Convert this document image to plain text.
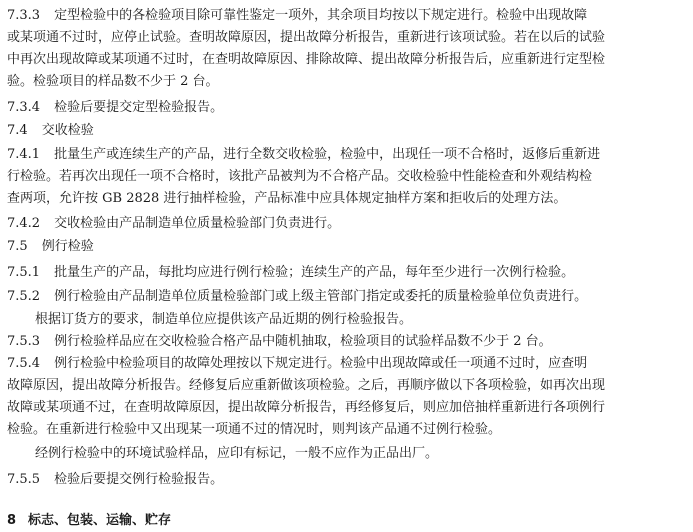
7.3.3 定型检验中的各检验项目除可靠性鉴定一项外，其余项目均按以下规定进行。检验中出现故障
或某项通不过时，应停止试验。查明故障原因，提出故障分析报告，重新进行该项试验。若在以后的试验
中再次出现故障或某项通不过时，在查明故障原因、排除故障、提出故障分析报告后，应重新进行定型检
验。检验项目的样品数不少于 2 台。
7.3.4 检验后要提交定型检验报告。
7.4 交收检验
7.4.1 批量生产或连续生产的产品，进行全数交收检验，检验中，出现任一项不合格时，返修后重新进
行检验。若再次出现任一项不合格时，该批产品被判为不合格产品。交收检验中性能检查和外观结构检
查两项，允许按 GB 2828 进行抽样检验，产品标准中应具体规定抽样方案和拒收后的处理方法。
7.4.2 交收检验由产品制造单位质量检验部门负责进行。
7.5 例行检验
7.5.1 批量生产的产品，每批均应进行例行检验；连续生产的产品，每年至少进行一次例行检验。
7.5.2 例行检验由产品制造单位质量检验部门或上级主管部门指定或委托的质量检验单位负责进行。
根据订货方的要求，制造单位应提供该产品近期的例行检验报告。
7.5.3 例行检验样品应在交收检验合格产品中随机抽取，检验项目的试验样品数不少于 2 台。
7.5.4 例行检验中检验项目的故障处理按以下规定进行。检验中出现故障或任一项通不过时，应查明
故障原因，提出故障分析报告。经修复后应重新做该项检验。之后，再顺序做以下各项检验，如再次出现
故障或某项通不过，在查明故障原因，提出故障分析报告，再经修复后，则应加倍抽样重新进行各项例行
检验。在重新进行检验中又出现某一项通不过的情况时，则判该产品通不过例行检验。
经例行检验中的环境试验样品，应印有标记，一般不应作为正品出厂。
7.5.5 检验后要提交例行检验报告。
8 标志、包装、运输、贮存
